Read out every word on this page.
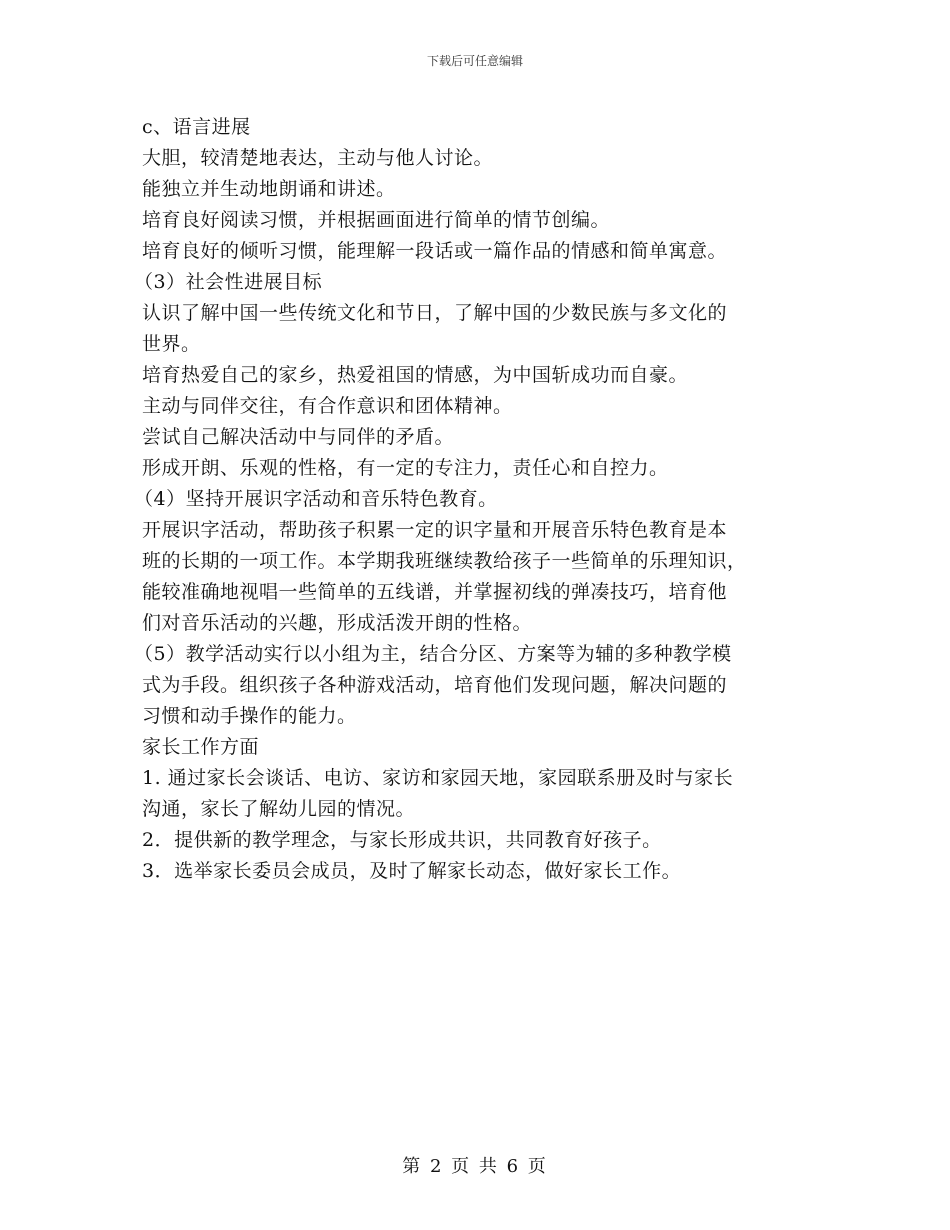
下载后可任意编辑
c、语言进展
大胆，较清楚地表达，主动与他人讨论。
能独立并生动地朗诵和讲述。
培育良好阅读习惯，并根据画面进行简单的情节创编。
培育良好的倾听习惯，能理解一段话或一篇作品的情感和简单寓意。
（3）社会性进展目标
认识了解中国一些传统文化和节日，了解中国的少数民族与多文化的
世界。
培育热爱自己的家乡，热爱祖国的情感，为中国斩成功而自豪。
主动与同伴交往，有合作意识和团体精神。
尝试自己解决活动中与同伴的矛盾。
形成开朗、乐观的性格，有一定的专注力，责任心和自控力。
（4）坚持开展识字活动和音乐特色教育。
开展识字活动，帮助孩子积累一定的识字量和开展音乐特色教育是本
班的长期的一项工作。本学期我班继续教给孩子一些简单的乐理知识，
能较准确地视唱一些简单的五线谱，并掌握初线的弹凑技巧，培育他
们对音乐活动的兴趣，形成活泼开朗的性格。
（5）教学活动实行以小组为主，结合分区、方案等为辅的多种教学模
式为手段。组织孩子各种游戏活动，培育他们发现问题，解决问题的
习惯和动手操作的能力。
家长工作方面
1. 通过家长会谈话、电访、家访和家园天地，家园联系册及时与家长
沟通，家长了解幼儿园的情况。
2．提供新的教学理念，与家长形成共识，共同教育好孩子。
3．选举家长委员会成员，及时了解家长动态，做好家长工作。
第 2 页 共 6 页
